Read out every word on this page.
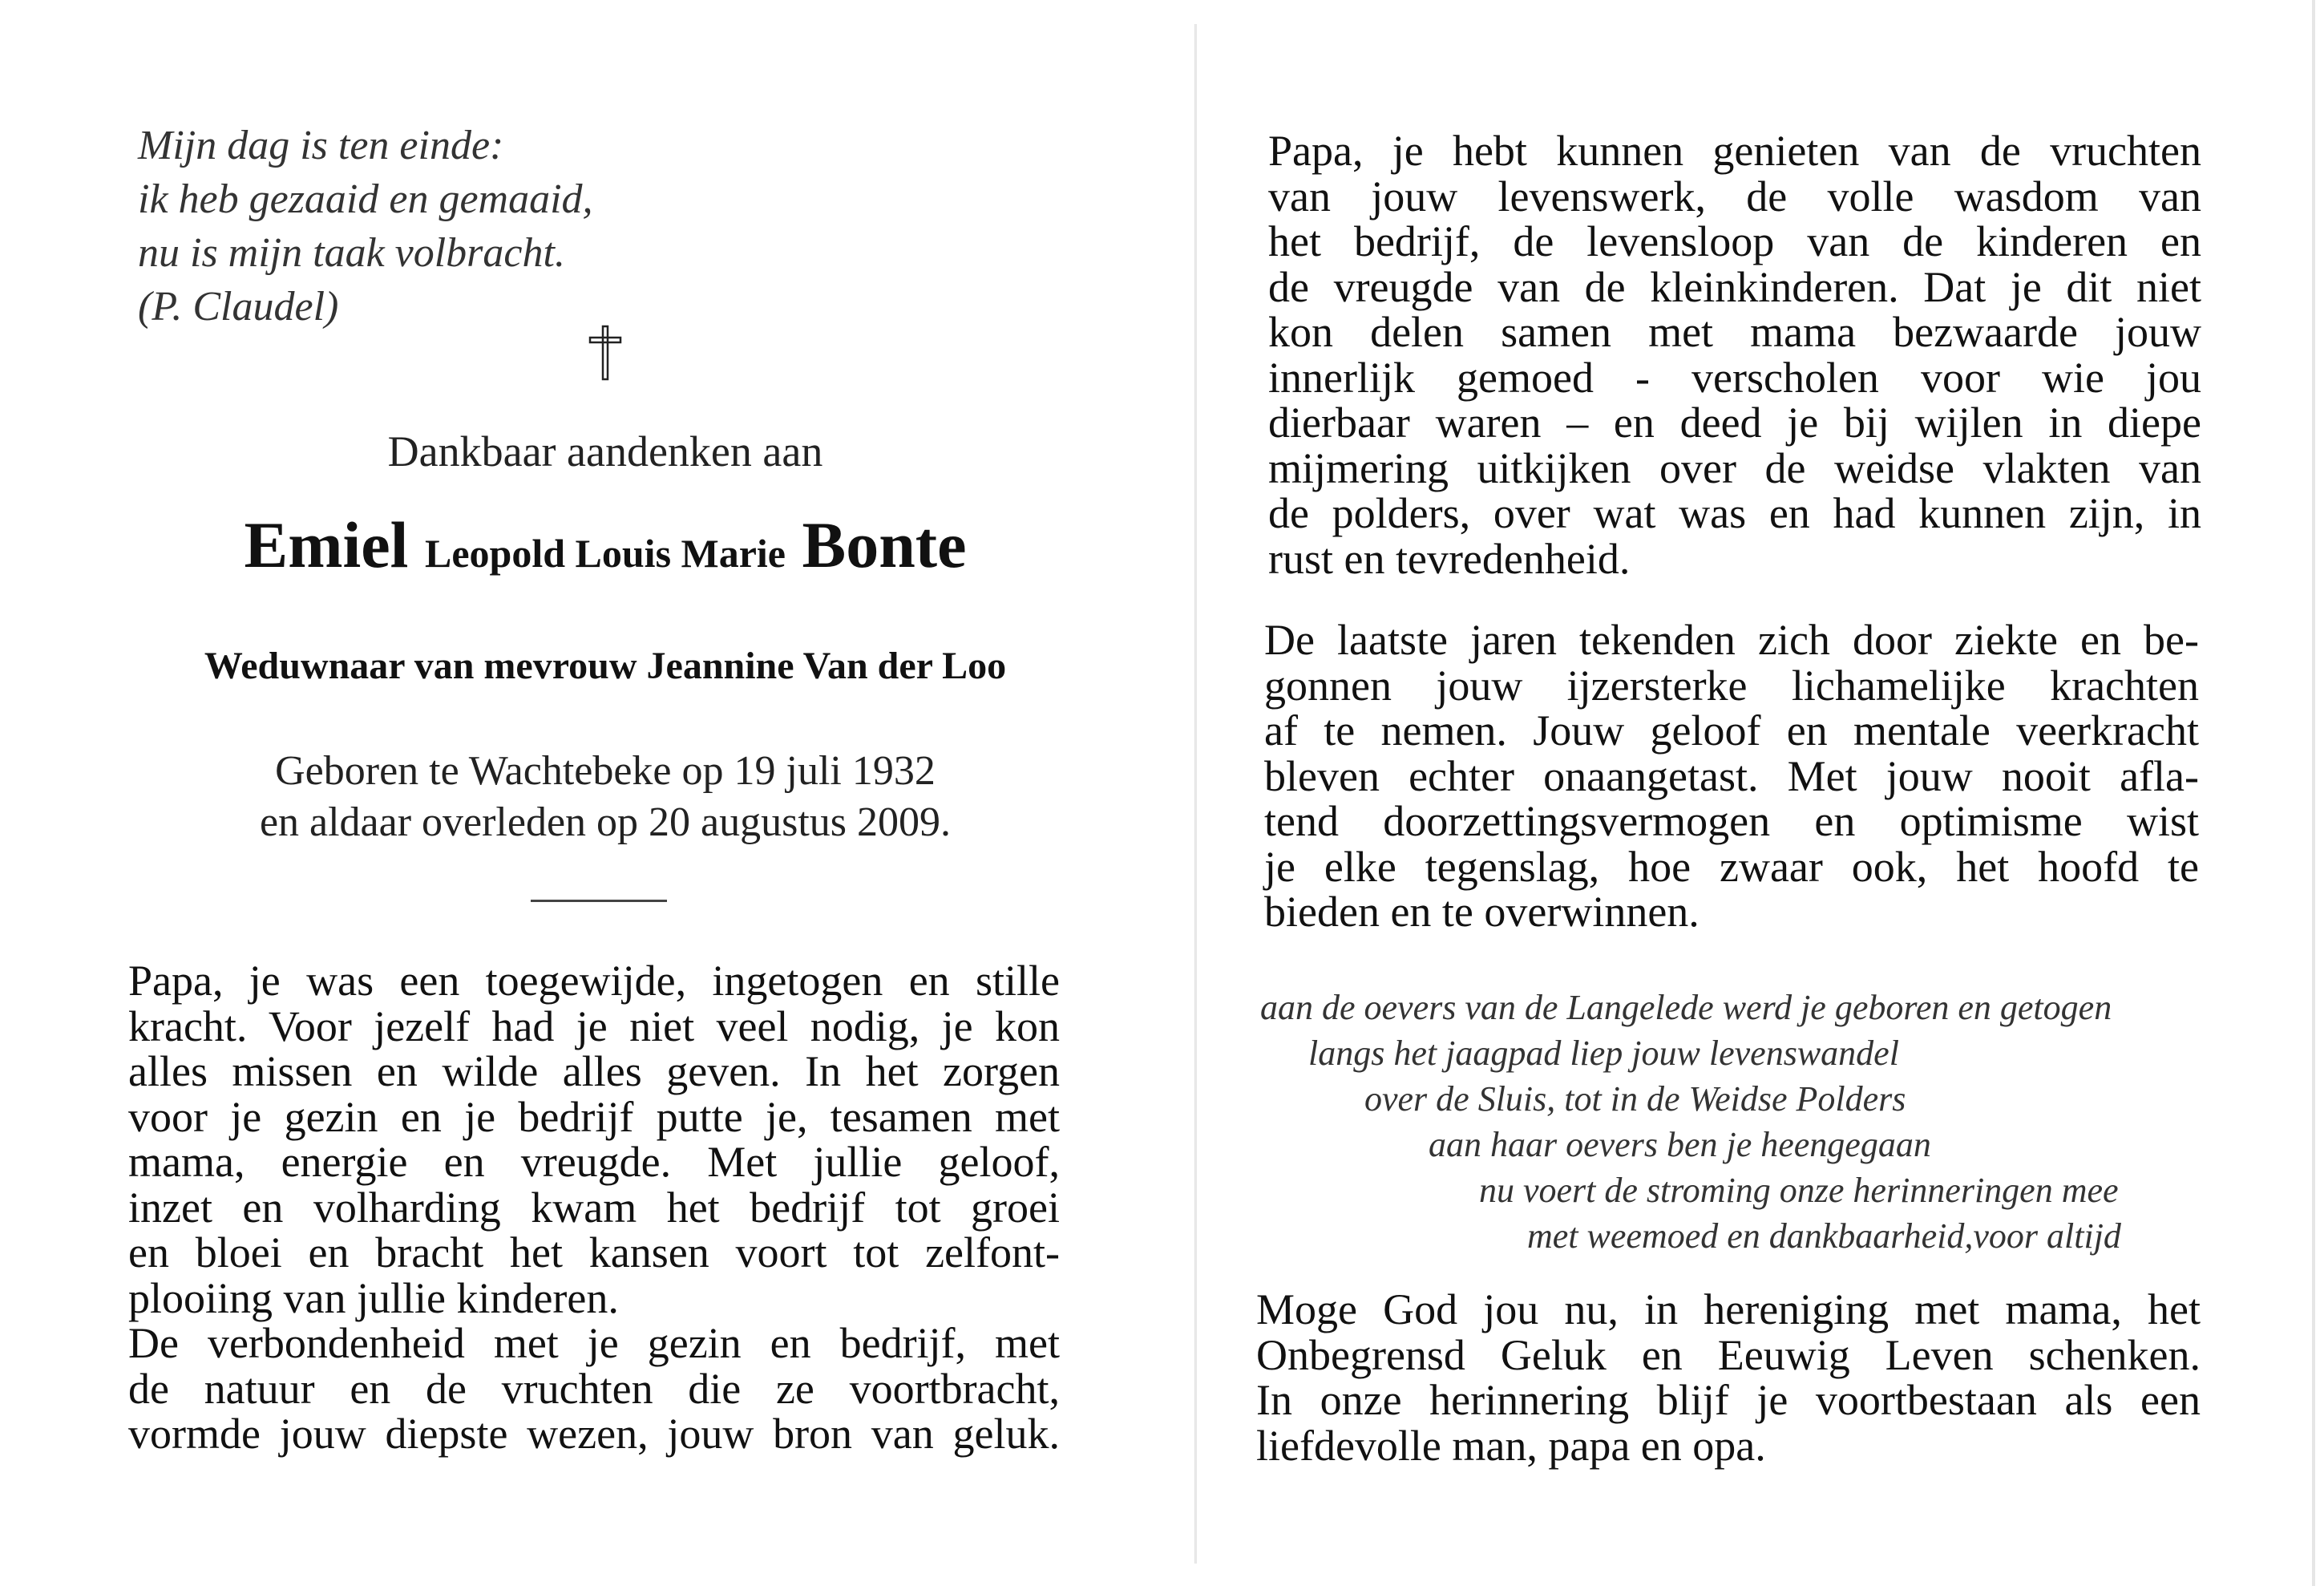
Mijn dag is ten einde:
ik heb gezaaid en gemaaid,
nu is mijn taak volbracht.
(P. Claudel)
Dankbaar aandenken aan
Emiel Leopold Louis Marie Bonte
Weduwnaar van mevrouw Jeannine Van der Loo
Geboren te Wachtebeke op 19 juli 1932
en aldaar overleden op 20 augustus 2009.
Papa, je was een toegewijde, ingetogen en stille
kracht. Voor jezelf had je niet veel nodig, je kon
alles missen en wilde alles geven. In het zorgen
voor je gezin en je bedrijf putte je, tesamen met
mama, energie en vreugde. Met jullie geloof,
inzet en volharding kwam het bedrijf tot groei
en bloei en bracht het kansen voort tot zelfont-
plooiing van jullie kinderen.
De verbondenheid met je gezin en bedrijf, met
de natuur en de vruchten die ze voortbracht,
vormde jouw diepste wezen, jouw bron van geluk.
Papa, je hebt kunnen genieten van de vruchten
van jouw levenswerk, de volle wasdom van
het bedrijf, de levensloop van de kinderen en
de vreugde van de kleinkinderen. Dat je dit niet
kon delen samen met mama bezwaarde jouw
innerlijk gemoed - verscholen voor wie jou
dierbaar waren – en deed je bij wijlen in diepe
mijmering uitkijken over de weidse vlakten van
de polders, over wat was en had kunnen zijn, in
rust en tevredenheid.
De laatste jaren tekenden zich door ziekte en be-
gonnen jouw ijzersterke lichamelijke krachten
af te nemen. Jouw geloof en mentale veerkracht
bleven echter onaangetast. Met jouw nooit afla-
tend doorzettingsvermogen en optimisme wist
je elke tegenslag, hoe zwaar ook, het hoofd te
bieden en te overwinnen.
aan de oevers van de Langelede werd je geboren en getogen
langs het jaagpad liep jouw levenswandel
over de Sluis, tot in de Weidse Polders
aan haar oevers ben je heengegaan
nu voert de stroming onze herinneringen mee
met weemoed en dankbaarheid,voor altijd
Moge God jou nu, in hereniging met mama, het
Onbegrensd Geluk en Eeuwig Leven schenken.
In onze herinnering blijf je voortbestaan als een
liefdevolle man, papa en opa.
